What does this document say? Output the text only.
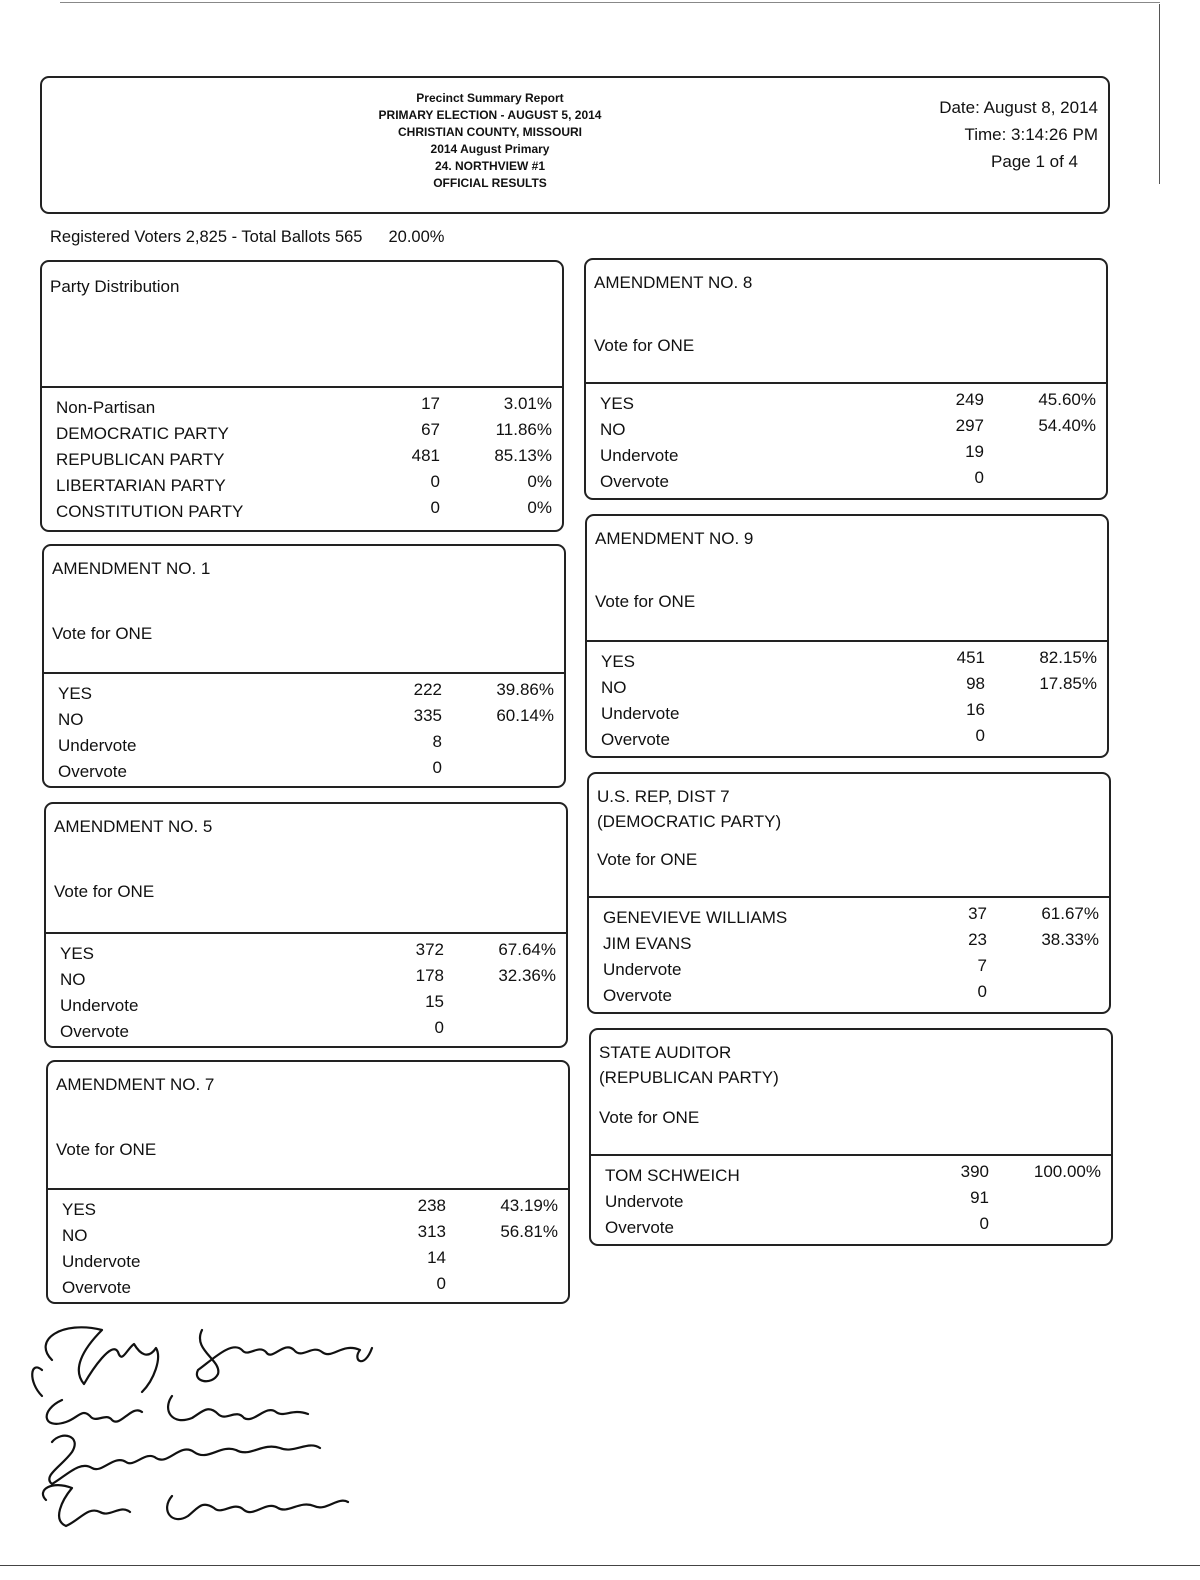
Precinct Summary Report
PRIMARY ELECTION - AUGUST 5, 2014
CHRISTIAN COUNTY, MISSOURI
2014 August Primary
24. NORTHVIEW #1
OFFICIAL RESULTS
Date: August 8, 2014
Time: 3:14:26 PM
Page 1 of 4
Registered Voters 2,825 - Total Ballots 565 20.00%
Party Distribution
Non-Partisan	17	3.01%
DEMOCRATIC PARTY	67	11.86%
REPUBLICAN PARTY	481	85.13%
LIBERTARIAN PARTY	0	0%
CONSTITUTION PARTY	0	0%
AMENDMENT NO. 1
Vote for ONE
YES	222	39.86%
NO	335	60.14%
Undervote	8
Overvote	0
AMENDMENT NO. 5
Vote for ONE
YES	372	67.64%
NO	178	32.36%
Undervote	15
Overvote	0
AMENDMENT NO. 7
Vote for ONE
YES	238	43.19%
NO	313	56.81%
Undervote	14
Overvote	0
AMENDMENT NO. 8
Vote for ONE
YES	249	45.60%
NO	297	54.40%
Undervote	19
Overvote	0
AMENDMENT NO. 9
Vote for ONE
YES	451	82.15%
NO	98	17.85%
Undervote	16
Overvote	0
U.S. REP, DIST 7
(DEMOCRATIC PARTY)
Vote for ONE
GENEVIEVE WILLIAMS	37	61.67%
JIM EVANS	23	38.33%
Undervote	7
Overvote	0
STATE AUDITOR
(REPUBLICAN PARTY)
Vote for ONE
TOM SCHWEICH	390	100.00%
Undervote	91
Overvote	0
